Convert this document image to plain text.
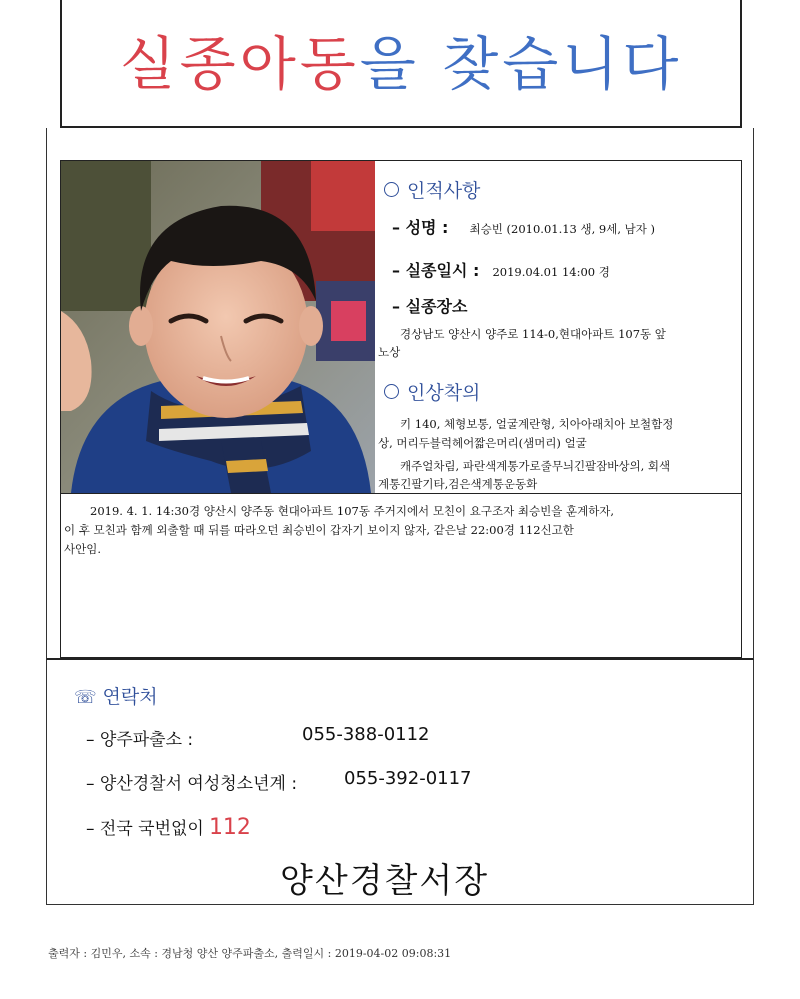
실종아동을 찾습니다
인적사항
– 성명 : 최승빈 (2010.01.13 생, 9세, 남자 )
– 실종일시 : 2019.04.01 14:00 경
– 실종장소
경상남도 양산시 양주로 114-0,현대아파트 107동 앞
노상
인상착의
키 140, 체형보통, 얼굴계란형, 치아아래치아 보철함정
상, 머리두블럭헤어짧은머리(샘머리) 얼굴
캐주얼차림, 파란색계통가로줄무늬긴팔잠바상의, 회색
계통긴팔기타,검은색계통운동화
2019. 4. 1. 14:30경 양산시 양주동 현대아파트 107동 주거지에서 모친이 요구조자 최승빈을 훈계하자,
이 후 모친과 함께 외출할 때 뒤를 따라오던 최승빈이 갑자기 보이지 않자, 같은날 22:00경 112신고한
사안임.
☏ 연락처
– 양주파출소 :	055-388-0112
– 양산경찰서 여성청소년계 :	055-392-0117
– 전국 국번없이 112
양산경찰서장
출력자 : 김민우, 소속 : 경남청 양산 양주파출소, 출력일시 : 2019-04-02 09:08:31
